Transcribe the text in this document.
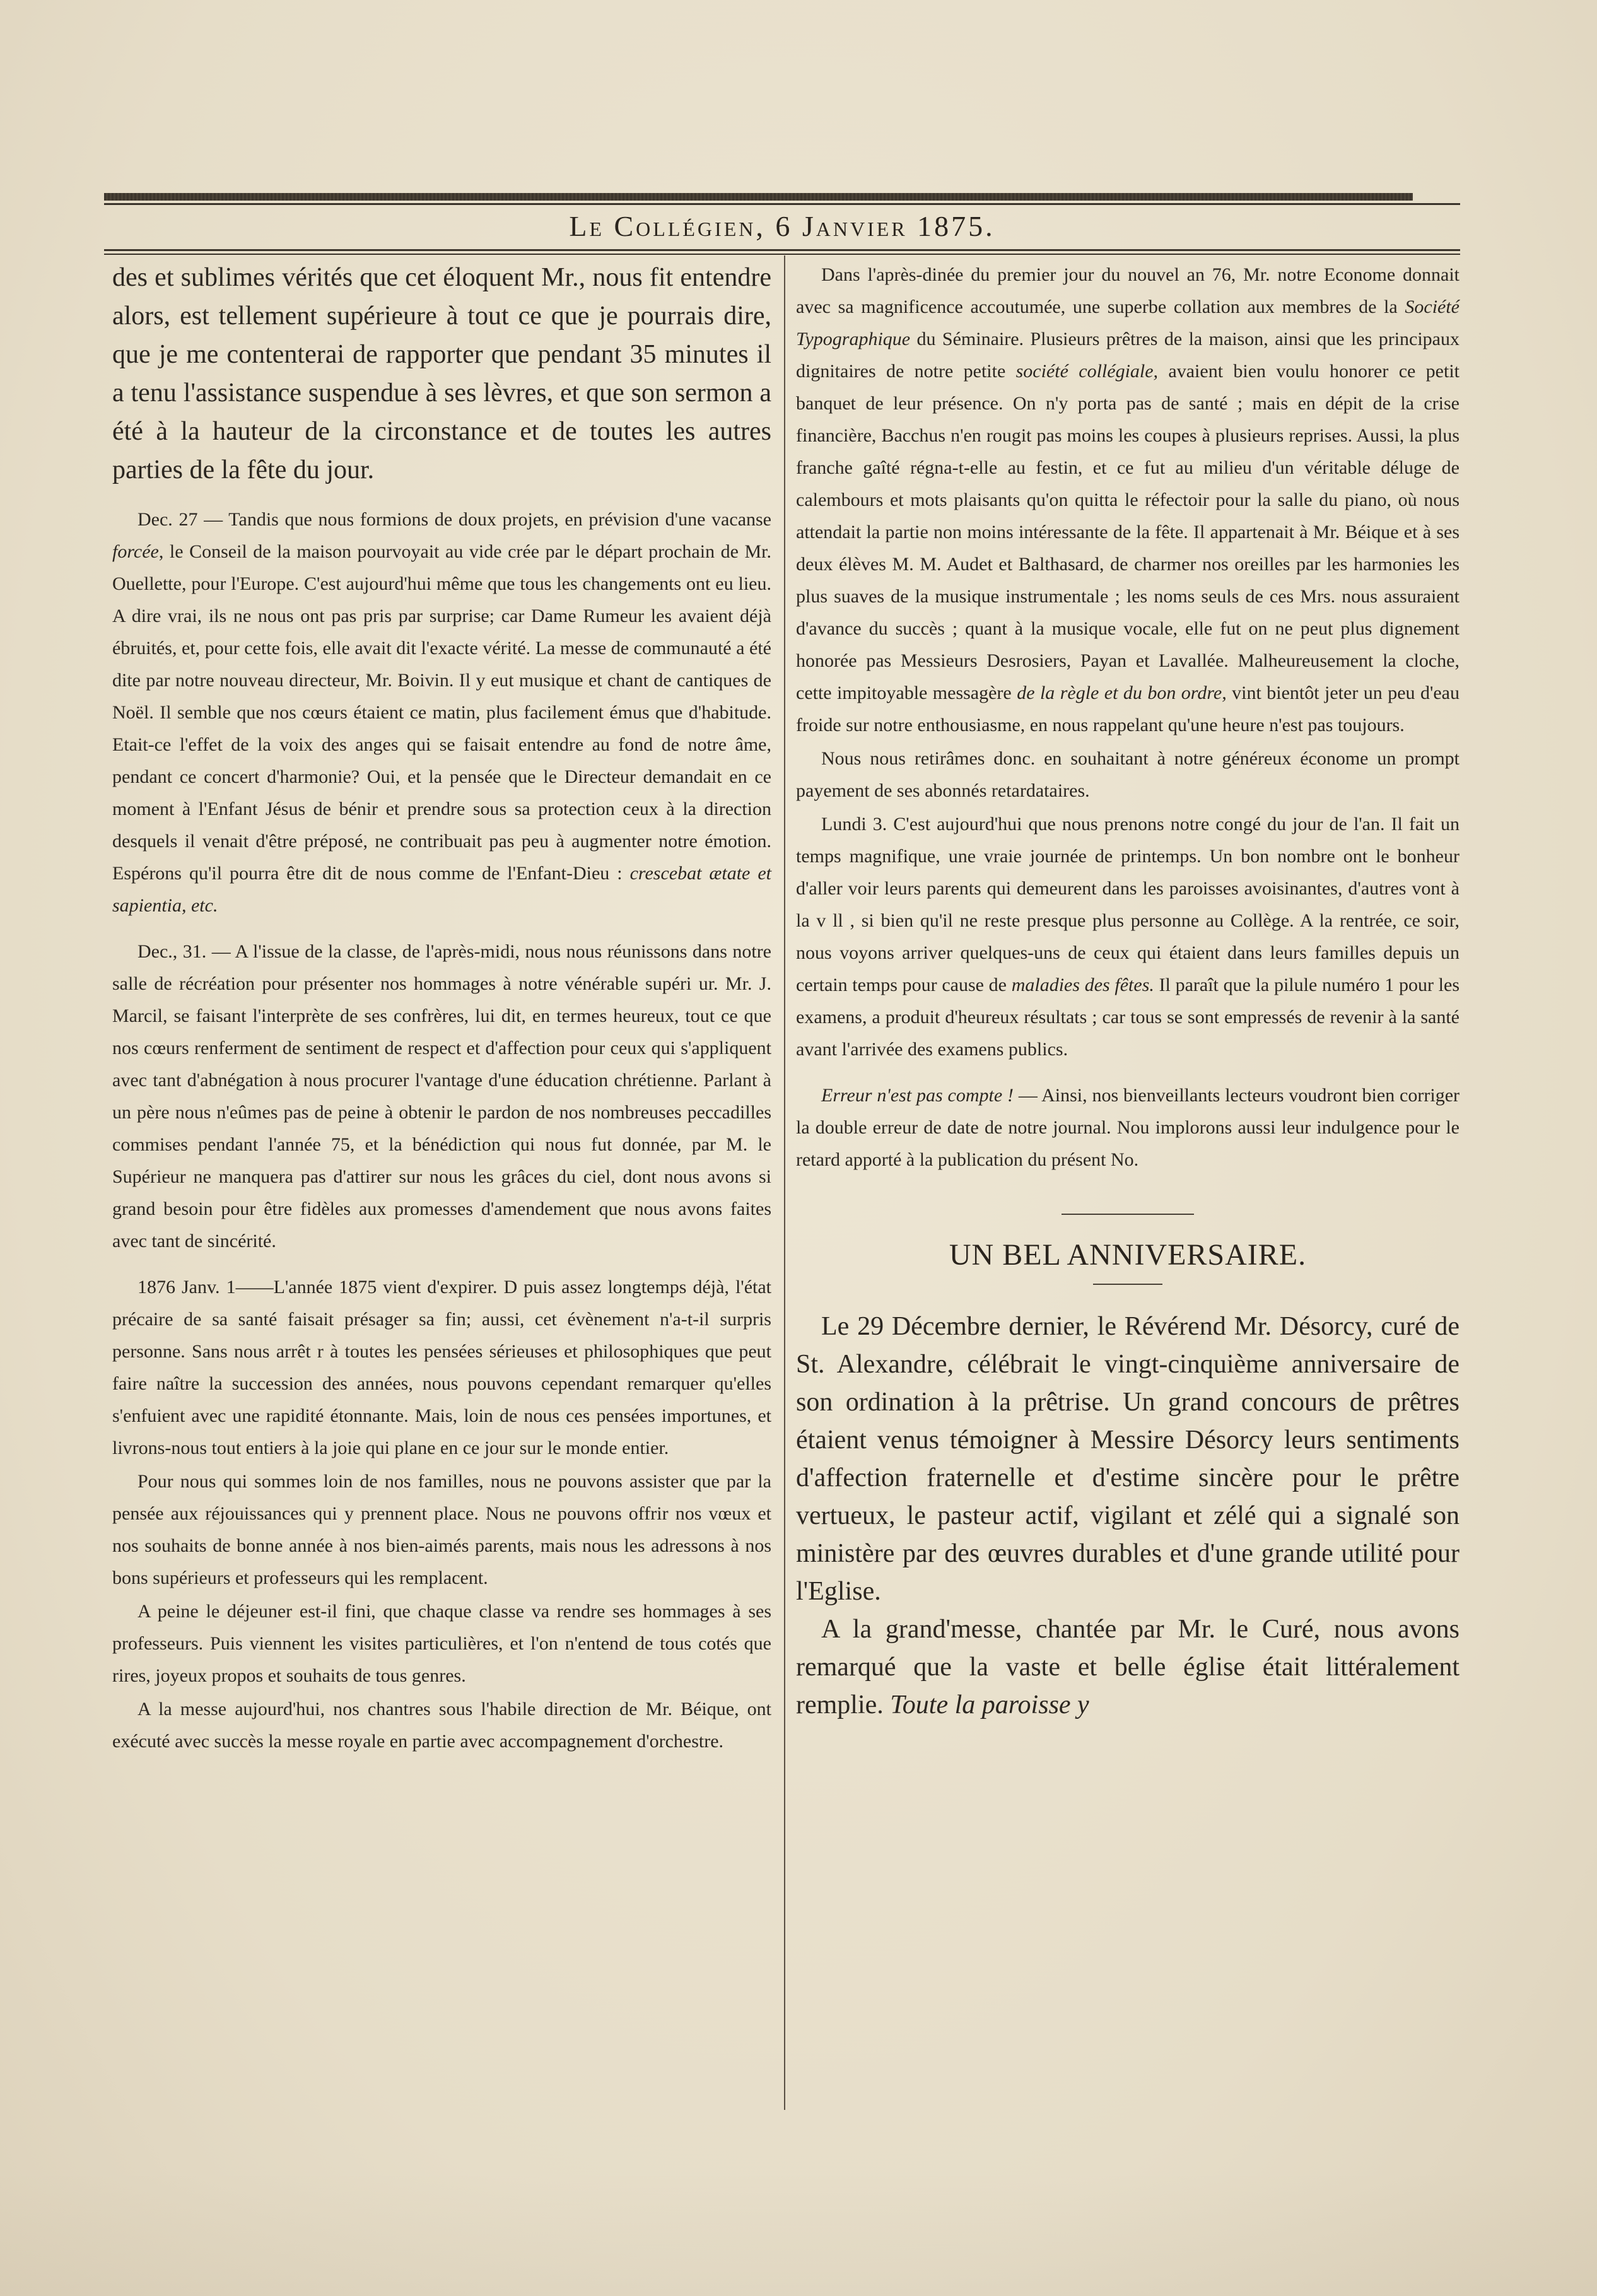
Le Collégien, 6 Janvier 1875.

des et sublimes vérités que cet éloquent Mr., nous fit entendre alors, est tellement supérieure à tout ce que je pourrais dire, que je me contenterai de rapporter que pendant 35 minutes il a tenu l'assistance suspendue à ses lèvres, et que son sermon a été à la hauteur de la circonstance et de toutes les autres parties de la fête du jour.

Dec. 27 — Tandis que nous formions de doux projets, en prévision d'une vacanse forcée, le Conseil de la maison pourvoyait au vide crée par le départ prochain de Mr. Ouellette, pour l'Europe. C'est aujourd'hui même que tous les changements ont eu lieu. A dire vrai, ils ne nous ont pas pris par surprise; car Dame Rumeur les avaient déjà ébruités, et, pour cette fois, elle avait dit l'exacte vérité. La messe de communauté a été dite par notre nouveau directeur, Mr. Boivin. Il y eut musique et chant de cantiques de Noël. Il semble que nos cœurs étaient ce matin, plus facilement émus que d'habitude. Etait-ce l'effet de la voix des anges qui se faisait entendre au fond de notre âme, pendant ce concert d'harmonie? Oui, et la pensée que le Directeur demandait en ce moment à l'Enfant Jésus de bénir et prendre sous sa protection ceux à la direction desquels il venait d'être préposé, ne contribuait pas peu à augmenter notre émotion. Espérons qu'il pourra être dit de nous comme de l'Enfant-Dieu : crescebat ætate et sapientia, etc.

Dec., 31. — A l'issue de la classe, de l'après-midi, nous nous réunissons dans notre salle de récréation pour présenter nos hommages à notre vénérable supéri ur. Mr. J. Marcil, se faisant l'interprète de ses confrères, lui dit, en termes heureux, tout ce que nos cœurs renferment de sentiment de respect et d'affection pour ceux qui s'appliquent avec tant d'abnégation à nous procurer l'vantage d'une éducation chrétienne. Parlant à un père nous n'eûmes pas de peine à obtenir le pardon de nos nombreuses peccadilles commises pendant l'année 75, et la bénédiction qui nous fut donnée, par M. le Supérieur ne manquera pas d'attirer sur nous les grâces du ciel, dont nous avons si grand besoin pour être fidèles aux promesses d'amendement que nous avons faites avec tant de sincérité.

1876 Janv. 1——L'année 1875 vient d'expirer. D puis assez longtemps déjà, l'état précaire de sa santé faisait présager sa fin; aussi, cet évènement n'a-t-il surpris personne. Sans nous arrêt r à toutes les pensées sérieuses et philosophiques que peut faire naître la succession des années, nous pouvons cependant remarquer qu'elles s'enfuient avec une rapidité étonnante. Mais, loin de nous ces pensées importunes, et livrons-nous tout entiers à la joie qui plane en ce jour sur le monde entier.

Pour nous qui sommes loin de nos familles, nous ne pouvons assister que par la pensée aux réjouissances qui y prennent place. Nous ne pouvons offrir nos vœux et nos souhaits de bonne année à nos bien-aimés parents, mais nous les adressons à nos bons supérieurs et professeurs qui les remplacent.

A peine le déjeuner est-il fini, que chaque classe va rendre ses hommages à ses professeurs. Puis viennent les visites particulières, et l'on n'entend de tous cotés que rires, joyeux propos et souhaits de tous genres.

A la messe aujourd'hui, nos chantres sous l'habile direction de Mr. Béique, ont exécuté avec succès la messe royale en partie avec accompagnement d'orchestre.

Dans l'après-dinée du premier jour du nouvel an 76, Mr. notre Econome donnait avec sa magnificence accoutumée, une superbe collation aux membres de la Société Typographique du Séminaire. Plusieurs prêtres de la maison, ainsi que les principaux dignitaires de notre petite société collégiale, avaient bien voulu honorer ce petit banquet de leur présence. On n'y porta pas de santé ; mais en dépit de la crise financière, Bacchus n'en rougit pas moins les coupes à plusieurs reprises. Aussi, la plus franche gaîté régna-t-elle au festin, et ce fut au milieu d'un véritable déluge de calembours et mots plaisants qu'on quitta le réfectoir pour la salle du piano, où nous attendait la partie non moins intéressante de la fête. Il appartenait à Mr. Béique et à ses deux élèves M. M. Audet et Balthasard, de charmer nos oreilles par les harmonies les plus suaves de la musique instrumentale ; les noms seuls de ces Mrs. nous assuraient d'avance du succès ; quant à la musique vocale, elle fut on ne peut plus dignement honorée pas Messieurs Desrosiers, Payan et Lavallée. Malheureusement la cloche, cette impitoyable messagère de la règle et du bon ordre, vint bientôt jeter un peu d'eau froide sur notre enthousiasme, en nous rappelant qu'une heure n'est pas toujours.

Nous nous retirâmes donc. en souhaitant à notre généreux économe un prompt payement de ses abonnés retardataires.

Lundi 3. C'est aujourd'hui que nous prenons notre congé du jour de l'an. Il fait un temps magnifique, une vraie journée de printemps. Un bon nombre ont le bonheur d'aller voir leurs parents qui demeurent dans les paroisses avoisinantes, d'autres vont à la v ll , si bien qu'il ne reste presque plus personne au Collège. A la rentrée, ce soir, nous voyons arriver quelques-uns de ceux qui étaient dans leurs familles depuis un certain temps pour cause de maladies des fêtes. Il paraît que la pilule numéro 1 pour les examens, a produit d'heureux résultats ; car tous se sont empressés de revenir à la santé avant l'arrivée des examens publics.

Erreur n'est pas compte ! — Ainsi, nos bienveillants lecteurs voudront bien corriger la double erreur de date de notre journal. Nou implorons aussi leur indulgence pour le retard apporté à la publication du présent No.

UN BEL ANNIVERSAIRE.

Le 29 Décembre dernier, le Révérend Mr. Désorcy, curé de St. Alexandre, célébrait le vingt-cinquième anniversaire de son ordination à la prêtrise. Un grand concours de prêtres étaient venus témoigner à Messire Désorcy leurs sentiments d'affection fraternelle et d'estime sincère pour le prêtre vertueux, le pasteur actif, vigilant et zélé qui a signalé son ministère par des œuvres durables et d'une grande utilité pour l'Eglise.

A la grand'messe, chantée par Mr. le Curé, nous avons remarqué que la vaste et belle église était littéralement remplie. Toute la paroisse y
